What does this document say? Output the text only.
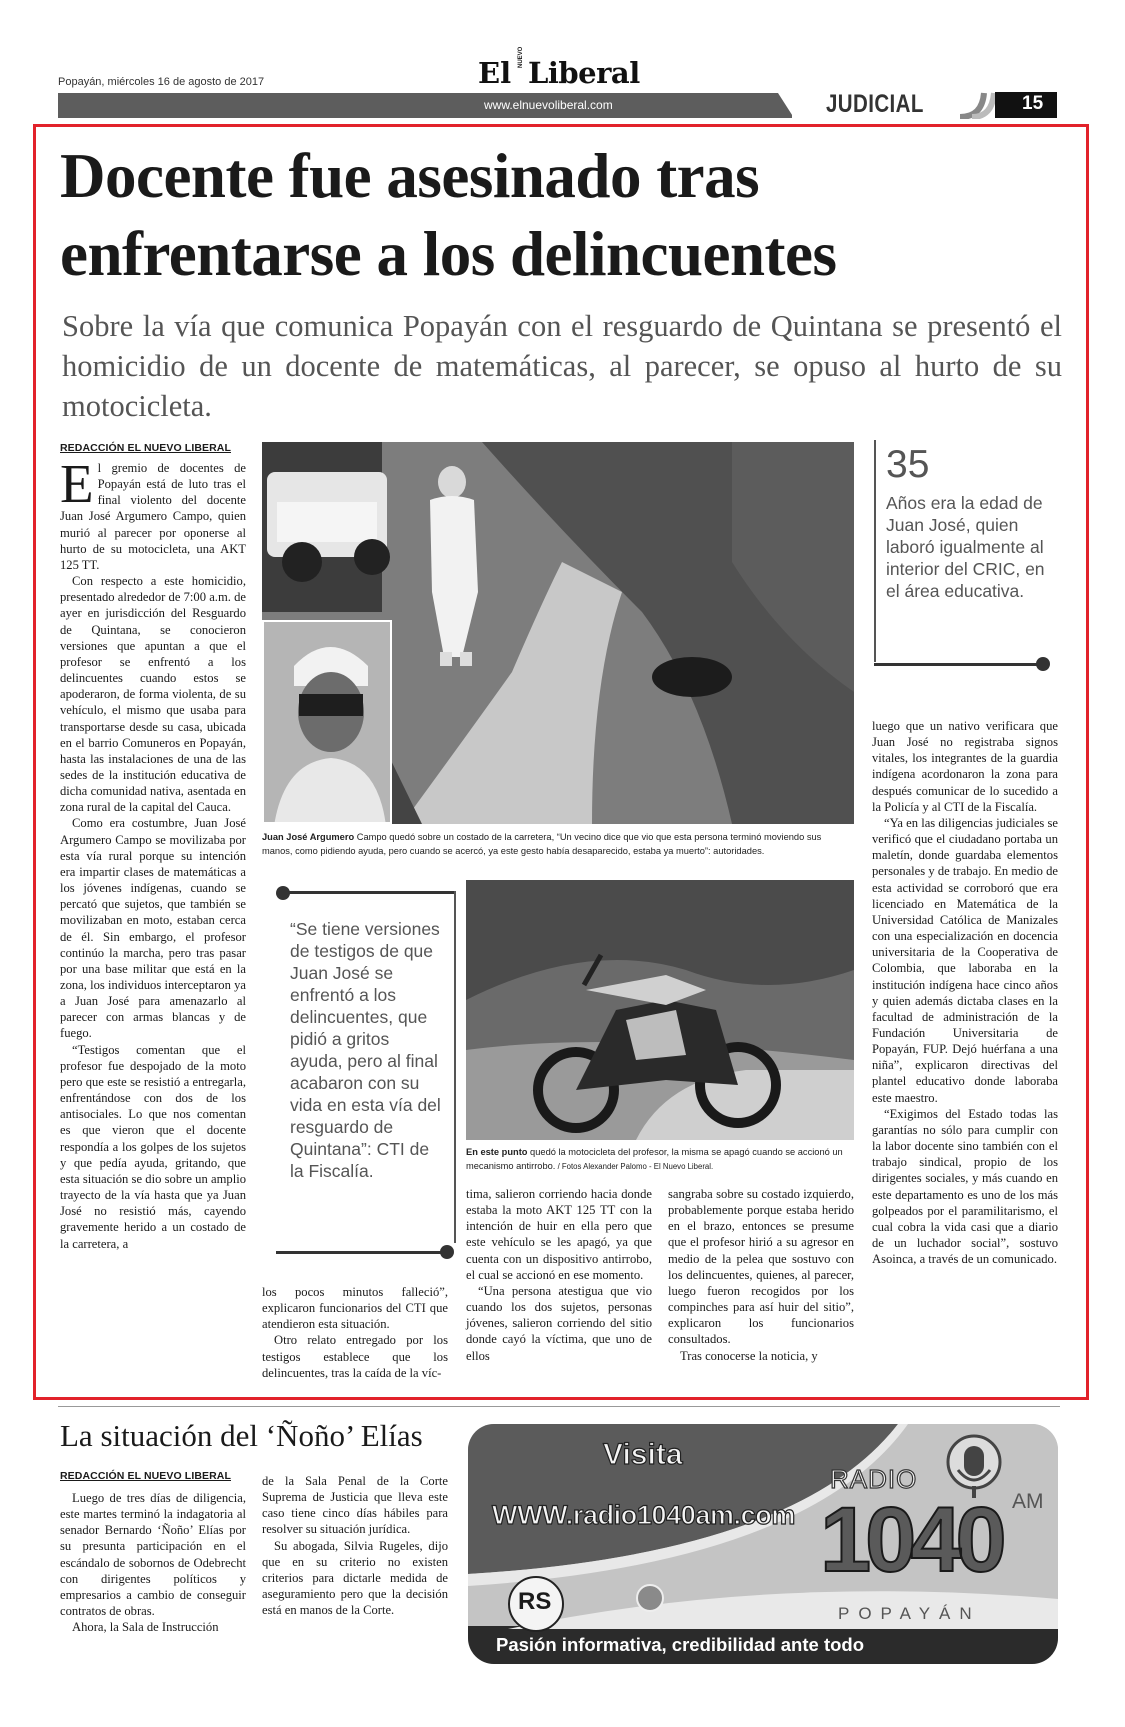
Popayán, miércoles 16 de agosto de 2017	El NUEVO Liberal
www.elnuevoliberal.com	JUDICIAL	15
Docente fue asesinado tras
enfrentarse a los delincuentes
Sobre la vía que comunica Popayán con el resguardo de Quintana se presentó el homicidio de un docente de matemáticas, al parecer, se opuso al hurto de su motocicleta.
REDACCIÓN EL NUEVO LIBERAL
E l gremio de docentes de Popayán está de luto tras el final violento del docente Juan José Argumero Campo, quien murió al parecer por oponerse al hurto de su motocicleta, una AKT 125 TT.
Con respecto a este homicidio, presentado alrededor de 7:00 a.m. de ayer en jurisdicción del Resguardo de Quintana, se conocieron versiones que apuntan a que el profesor se enfrentó a los delincuentes cuando estos se apoderaron, de forma violenta, de su vehículo, el mismo que usaba para transportarse desde su casa, ubicada en el barrio Comuneros en Popayán, hasta las instalaciones de una de las sedes de la institución educativa de dicha comunidad nativa, asentada en zona rural de la capital del Cauca.
Como era costumbre, Juan José Argumero Campo se movilizaba por esta vía rural porque su intención era impartir clases de matemáticas a los jóvenes indígenas, cuando se percató que sujetos, que también se movilizaban en moto, estaban cerca de él. Sin embargo, el profesor continúo la marcha, pero tras pasar por una base militar que está en la zona, los individuos interceptaron ya a Juan José para amenazarlo al parecer con armas blancas y de fuego.
“Testigos comentan que el profesor fue despojado de la moto pero que este se resistió a entregarla, enfrentándose con dos de los antisociales. Lo que nos comentan es que vieron que el docente respondía a los golpes de los sujetos y que pedía ayuda, gritando, que esta situación se dio sobre un amplio trayecto de la vía hasta que ya Juan José no resistió más, cayendo gravemente herido a un costado de la carretera, a
Juan José Argumero Campo quedó sobre un costado de la carretera, “Un vecino dice que vio que esta persona terminó moviendo sus manos, como pidiendo ayuda, pero cuando se acercó, ya este gesto había desaparecido, estaba ya muerto”: autoridades.
35
Años era la edad de Juan José, quien laboró igualmente al interior del CRIC, en el área educativa.
“Se tiene versiones de testigos de que Juan José se enfrentó a los delincuentes, que pidió a gritos ayuda, pero al final acabaron con su vida en esta vía del resguardo de Quintana”: CTI de la Fiscalía.
En este punto quedó la motocicleta del profesor, la misma se apagó cuando se accionó un mecanismo antirrobo. / Fotos Alexander Palomo - El Nuevo Liberal.
los pocos minutos falleció”, explicaron funcionarios del CTI que atendieron esta situación.
Otro relato entregado por los testigos establece que los delincuentes, tras la caída de la víc-
tima, salieron corriendo hacia donde estaba la moto AKT 125 TT con la intención de huir en ella pero que este vehículo se les apagó, ya que cuenta con un dispositivo antirrobo, el cual se accionó en ese momento.
“Una persona atestigua que vio cuando los dos sujetos, personas jóvenes, salieron corriendo del sitio donde cayó la víctima, que uno de ellos
sangraba sobre su costado izquierdo, probablemente porque estaba herido en el brazo, entonces se presume que el profesor hirió a su agresor en medio de la pelea que sostuvo con los delincuentes, quienes, al parecer, luego fueron recogidos por los compinches para así huir del sitio”, explicaron los funcionarios consultados.
Tras conocerse la noticia, y
luego que un nativo verificara que Juan José no registraba signos vitales, los integrantes de la guardia indígena acordonaron la zona para después comunicar de lo sucedido a la Policía y al CTI de la Fiscalía.
“Ya en las diligencias judiciales se verificó que el ciudadano portaba un maletín, donde guardaba elementos personales y de trabajo. En medio de esta actividad se corroboró que era licenciado en Matemática de la Universidad Católica de Manizales con una especialización en docencia universitaria de la Cooperativa de Colombia, que laboraba en la institución indígena hace cinco años y quien además dictaba clases en la facultad de administración de la Fundación Universitaria de Popayán, FUP. Dejó huérfana a una niña”, explicaron directivas del plantel educativo donde laboraba este maestro.
“Exigimos del Estado todas las garantías no sólo para cumplir con la labor docente sino también con el trabajo sindical, propio de los dirigentes sociales, y más cuando en este departamento es uno de los más golpeados por el paramilitarismo, el cual cobra la vida casi que a diario de un luchador social”, sostuvo Asoinca, a través de un comunicado.
La situación del ‘Ñoño’ Elías
REDACCIÓN EL NUEVO LIBERAL
Luego de tres días de diligencia, este martes terminó la indagatoria al senador Bernardo ‘Ñoño’ Elías por su presunta participación en el escándalo de sobornos de Odebrecht con dirigentes políticos y empresarios a cambio de conseguir contratos de obras.
Ahora, la Sala de Instrucción
de la Sala Penal de la Corte Suprema de Justicia que lleva este caso tiene cinco días hábiles para resolver su situación jurídica.
Su abogada, Silvia Rugeles, dijo que en su criterio no existen criterios para dictarle medida de aseguramiento pero que la decisión está en manos de la Corte.
Visita
WWW.radio1040am.com
RADIO
1040 AM
POPAYÁN
RS
Pasión informativa, credibilidad ante todo
